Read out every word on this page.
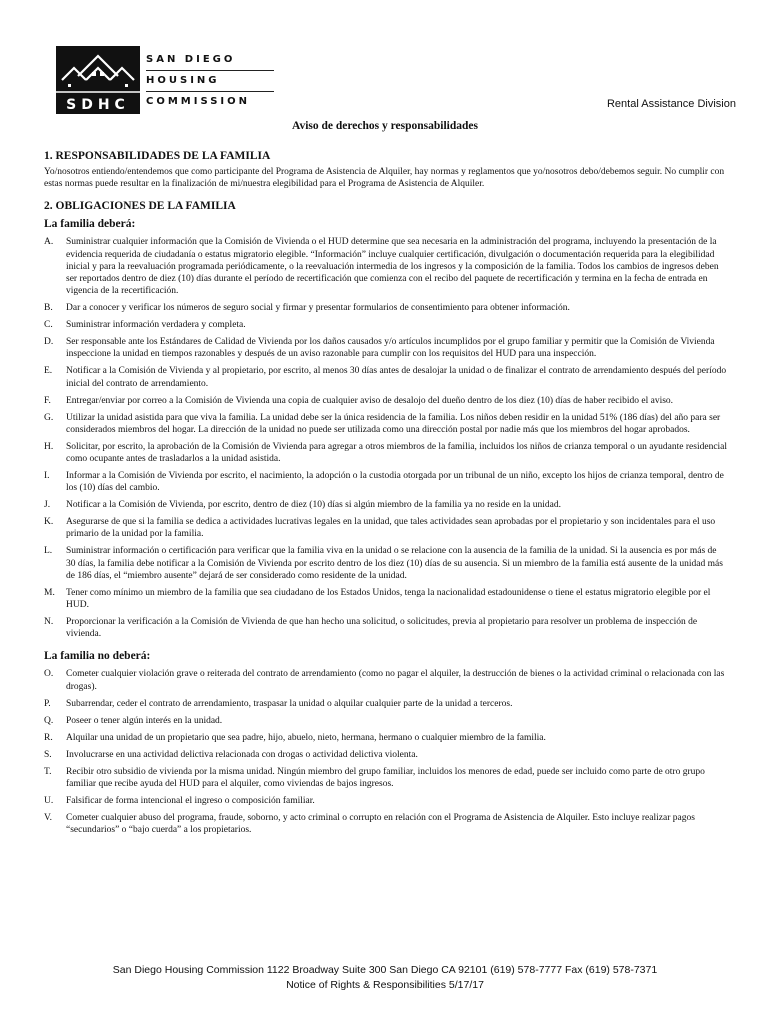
SDHC
SAN DIEGO
HOUSING
COMMISSION	Rental Assistance Division
Aviso de derechos y responsabilidades
1. RESPONSABILIDADES DE LA FAMILIA
Yo/nosotros entiendo/entendemos que como participante del Programa de Asistencia de Alquiler, hay normas y reglamentos que yo/nosotros debo/debemos seguir. No cumplir con estas normas puede resultar en la finalización de mi/nuestra elegibilidad para el Programa de Asistencia de Alquiler.
2. OBLIGACIONES DE LA FAMILIA
La familia deberá:
A.	Suministrar cualquier información que la Comisión de Vivienda o el HUD determine que sea necesaria en la administración del programa, incluyendo la presentación de la evidencia requerida de ciudadanía o estatus migratorio elegible. “Información” incluye cualquier certificación, divulgación o documentación requerida para la elegibilidad inicial y para la reevaluación programada periódicamente, o la reevaluación intermedia de los ingresos y la composición de la familia. Todos los cambios de ingresos deben ser reportados dentro de diez (10) días durante el período de recertificación que comienza con el recibo del paquete de recertificación y termina en la fecha de entrada en vigencia de la recertificación.
B.	Dar a conocer y verificar los números de seguro social y firmar y presentar formularios de consentimiento para obtener información.
C.	Suministrar información verdadera y completa.
D.	Ser responsable ante los Estándares de Calidad de Vivienda por los daños causados y/o artículos incumplidos por el grupo familiar y permitir que la Comisión de Vivienda inspeccione la unidad en tiempos razonables y después de un aviso razonable para cumplir con los requisitos del HUD para una inspección.
E.	Notificar a la Comisión de Vivienda y al propietario, por escrito, al menos 30 días antes de desalojar la unidad o de finalizar el contrato de arrendamiento después del período inicial del contrato de arrendamiento.
F.	Entregar/enviar por correo a la Comisión de Vivienda una copia de cualquier aviso de desalojo del dueño dentro de los diez (10) días de haber recibido el aviso.
G.	Utilizar la unidad asistida para que viva la familia. La unidad debe ser la única residencia de la familia. Los niños deben residir en la unidad 51% (186 días) del año para ser considerados miembros del hogar. La dirección de la unidad no puede ser utilizada como una dirección postal por nadie más que los miembros del hogar aprobados.
H.	Solicitar, por escrito, la aprobación de la Comisión de Vivienda para agregar a otros miembros de la familia, incluidos los niños de crianza temporal o un ayudante residencial como ocupante antes de trasladarlos a la unidad asistida.
I.	Informar a la Comisión de Vivienda por escrito, el nacimiento, la adopción o la custodia otorgada por un tribunal de un niño, excepto los hijos de crianza temporal, dentro de los (10) días del cambio.
J.	Notificar a la Comisión de Vivienda, por escrito, dentro de diez (10) días si algún miembro de la familia ya no reside en la unidad.
K.	Asegurarse de que si la familia se dedica a actividades lucrativas legales en la unidad, que tales actividades sean aprobadas por el propietario y son incidentales para el uso primario de la unidad por la familia.
L.	Suministrar información o certificación para verificar que la familia viva en la unidad o se relacione con la ausencia de la familia de la unidad. Si la ausencia es por más de 30 días, la familia debe notificar a la Comisión de Vivienda por escrito dentro de los diez (10) días de su ausencia. Si un miembro de la familia está ausente de la unidad más de 186 días, el “miembro ausente” dejará de ser considerado como residente de la unidad.
M.	Tener como mínimo un miembro de la familia que sea ciudadano de los Estados Unidos, tenga la nacionalidad estadounidense o tiene el estatus migratorio elegible por el HUD.
N.	Proporcionar la verificación a la Comisión de Vivienda de que han hecho una solicitud, o solicitudes, previa al propietario para resolver un problema de inspección de vivienda.
La familia no deberá:
O.	Cometer cualquier violación grave o reiterada del contrato de arrendamiento (como no pagar el alquiler, la destrucción de bienes o la actividad criminal o relacionada con las drogas).
P.	Subarrendar, ceder el contrato de arrendamiento, traspasar la unidad o alquilar cualquier parte de la unidad a terceros.
Q.	Poseer o tener algún interés en la unidad.
R.	Alquilar una unidad de un propietario que sea padre, hijo, abuelo, nieto, hermana, hermano o cualquier miembro de la familia.
S.	Involucrarse en una actividad delictiva relacionada con drogas o actividad delictiva violenta.
T.	Recibir otro subsidio de vivienda por la misma unidad. Ningún miembro del grupo familiar, incluidos los menores de edad, puede ser incluido como parte de otro grupo familiar que recibe ayuda del HUD para el alquiler, como viviendas de bajos ingresos.
U.	Falsificar de forma intencional el ingreso o composición familiar.
V.	Cometer cualquier abuso del programa, fraude, soborno, y acto criminal o corrupto en relación con el Programa de Asistencia de Alquiler. Esto incluye realizar pagos “secundarios” o “bajo cuerda” a los propietarios.
San Diego Housing Commission 1122 Broadway Suite 300 San Diego CA 92101 (619) 578-7777 Fax (619) 578-7371
Notice of Rights & Responsibilities 5/17/17
